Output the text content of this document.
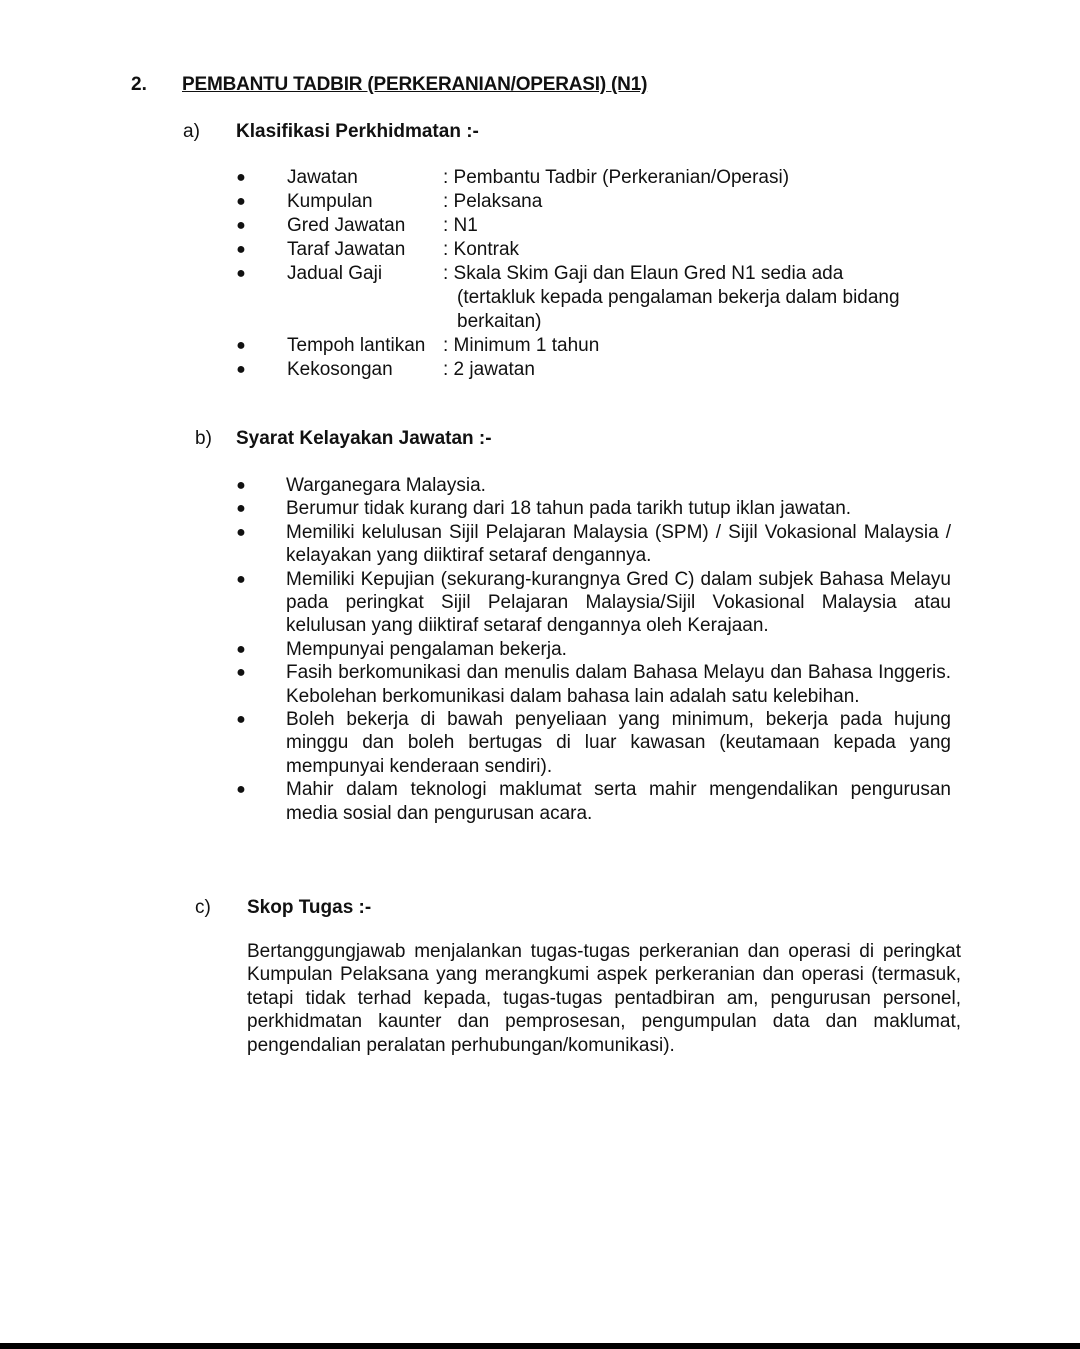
2. PEMBANTU TADBIR (PERKERANIAN/OPERASI) (N1)
a) Klasifikasi Perkhidmatan :-
● Jawatan	: Pembantu Tadbir (Perkeranian/Operasi)
● Kumpulan	: Pelaksana
● Gred Jawatan : N1
● Taraf Jawatan : Kontrak
● Jadual Gaji	: Skala Skim Gaji dan Elaun Gred N1 sedia ada
(tertakluk kepada pengalaman bekerja dalam bidang
berkaitan)
● Tempoh lantikan : Minimum 1 tahun
● Kekosongan	: 2 jawatan
b) Syarat Kelayakan Jawatan :-
● Warganegara Malaysia.
● Berumur tidak kurang dari 18 tahun pada tarikh tutup iklan jawatan.
● Memiliki kelulusan Sijil Pelajaran Malaysia (SPM) / Sijil Vokasional Malaysia / kelayakan yang diiktiraf setaraf dengannya.
● Memiliki Kepujian (sekurang-kurangnya Gred C) dalam subjek Bahasa Melayu pada peringkat Sijil Pelajaran Malaysia/Sijil Vokasional Malaysia atau kelulusan yang diiktiraf setaraf dengannya oleh Kerajaan.
● Mempunyai pengalaman bekerja.
● Fasih berkomunikasi dan menulis dalam Bahasa Melayu dan Bahasa Inggeris. Kebolehan berkomunikasi dalam bahasa lain adalah satu kelebihan.
● Boleh bekerja di bawah penyeliaan yang minimum, bekerja pada hujung minggu dan boleh bertugas di luar kawasan (keutamaan kepada yang mempunyai kenderaan sendiri).
● Mahir dalam teknologi maklumat serta mahir mengendalikan pengurusan media sosial dan pengurusan acara.
c) Skop Tugas :-
Bertanggungjawab menjalankan tugas-tugas perkeranian dan operasi di peringkat Kumpulan Pelaksana yang merangkumi aspek perkeranian dan operasi (termasuk, tetapi tidak terhad kepada, tugas-tugas pentadbiran am, pengurusan personel, perkhidmatan kaunter dan pemprosesan, pengumpulan data dan maklumat, pengendalian peralatan perhubungan/komunikasi).
